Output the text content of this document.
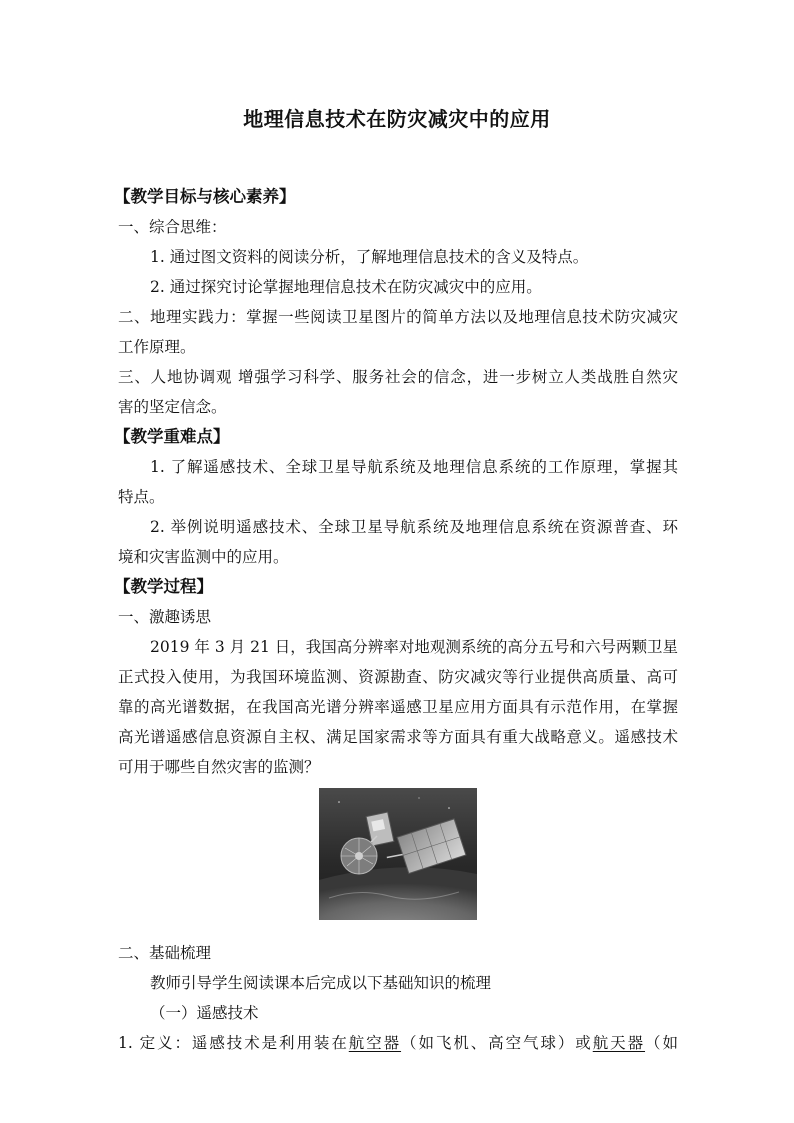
地理信息技术在防灾减灾中的应用
【教学目标与核心素养】
一、综合思维：
1. 通过图文资料的阅读分析，了解地理信息技术的含义及特点。
2. 通过探究讨论掌握地理信息技术在防灾减灾中的应用。
二、地理实践力：掌握一些阅读卫星图片的简单方法以及地理信息技术防灾减灾
工作原理。
三、人地协调观 增强学习科学、服务社会的信念，进一步树立人类战胜自然灾
害的坚定信念。
【教学重难点】
1. 了解遥感技术、全球卫星导航系统及地理信息系统的工作原理，掌握其
特点。
2. 举例说明遥感技术、全球卫星导航系统及地理信息系统在资源普查、环
境和灾害监测中的应用。
【教学过程】
一、激趣诱思
2019 年 3 月 21 日，我国高分辨率对地观测系统的高分五号和六号两颗卫星
正式投入使用，为我国环境监测、资源勘查、防灾减灾等行业提供高质量、高可
靠的高光谱数据，在我国高光谱分辨率遥感卫星应用方面具有示范作用，在掌握
高光谱遥感信息资源自主权、满足国家需求等方面具有重大战略意义。遥感技术
可用于哪些自然灾害的监测？
二、基础梳理
教师引导学生阅读课本后完成以下基础知识的梳理
（一）遥感技术
1. 定义：遥感技术是利用装在航空器（如飞机、高空气球）或航天器（如
